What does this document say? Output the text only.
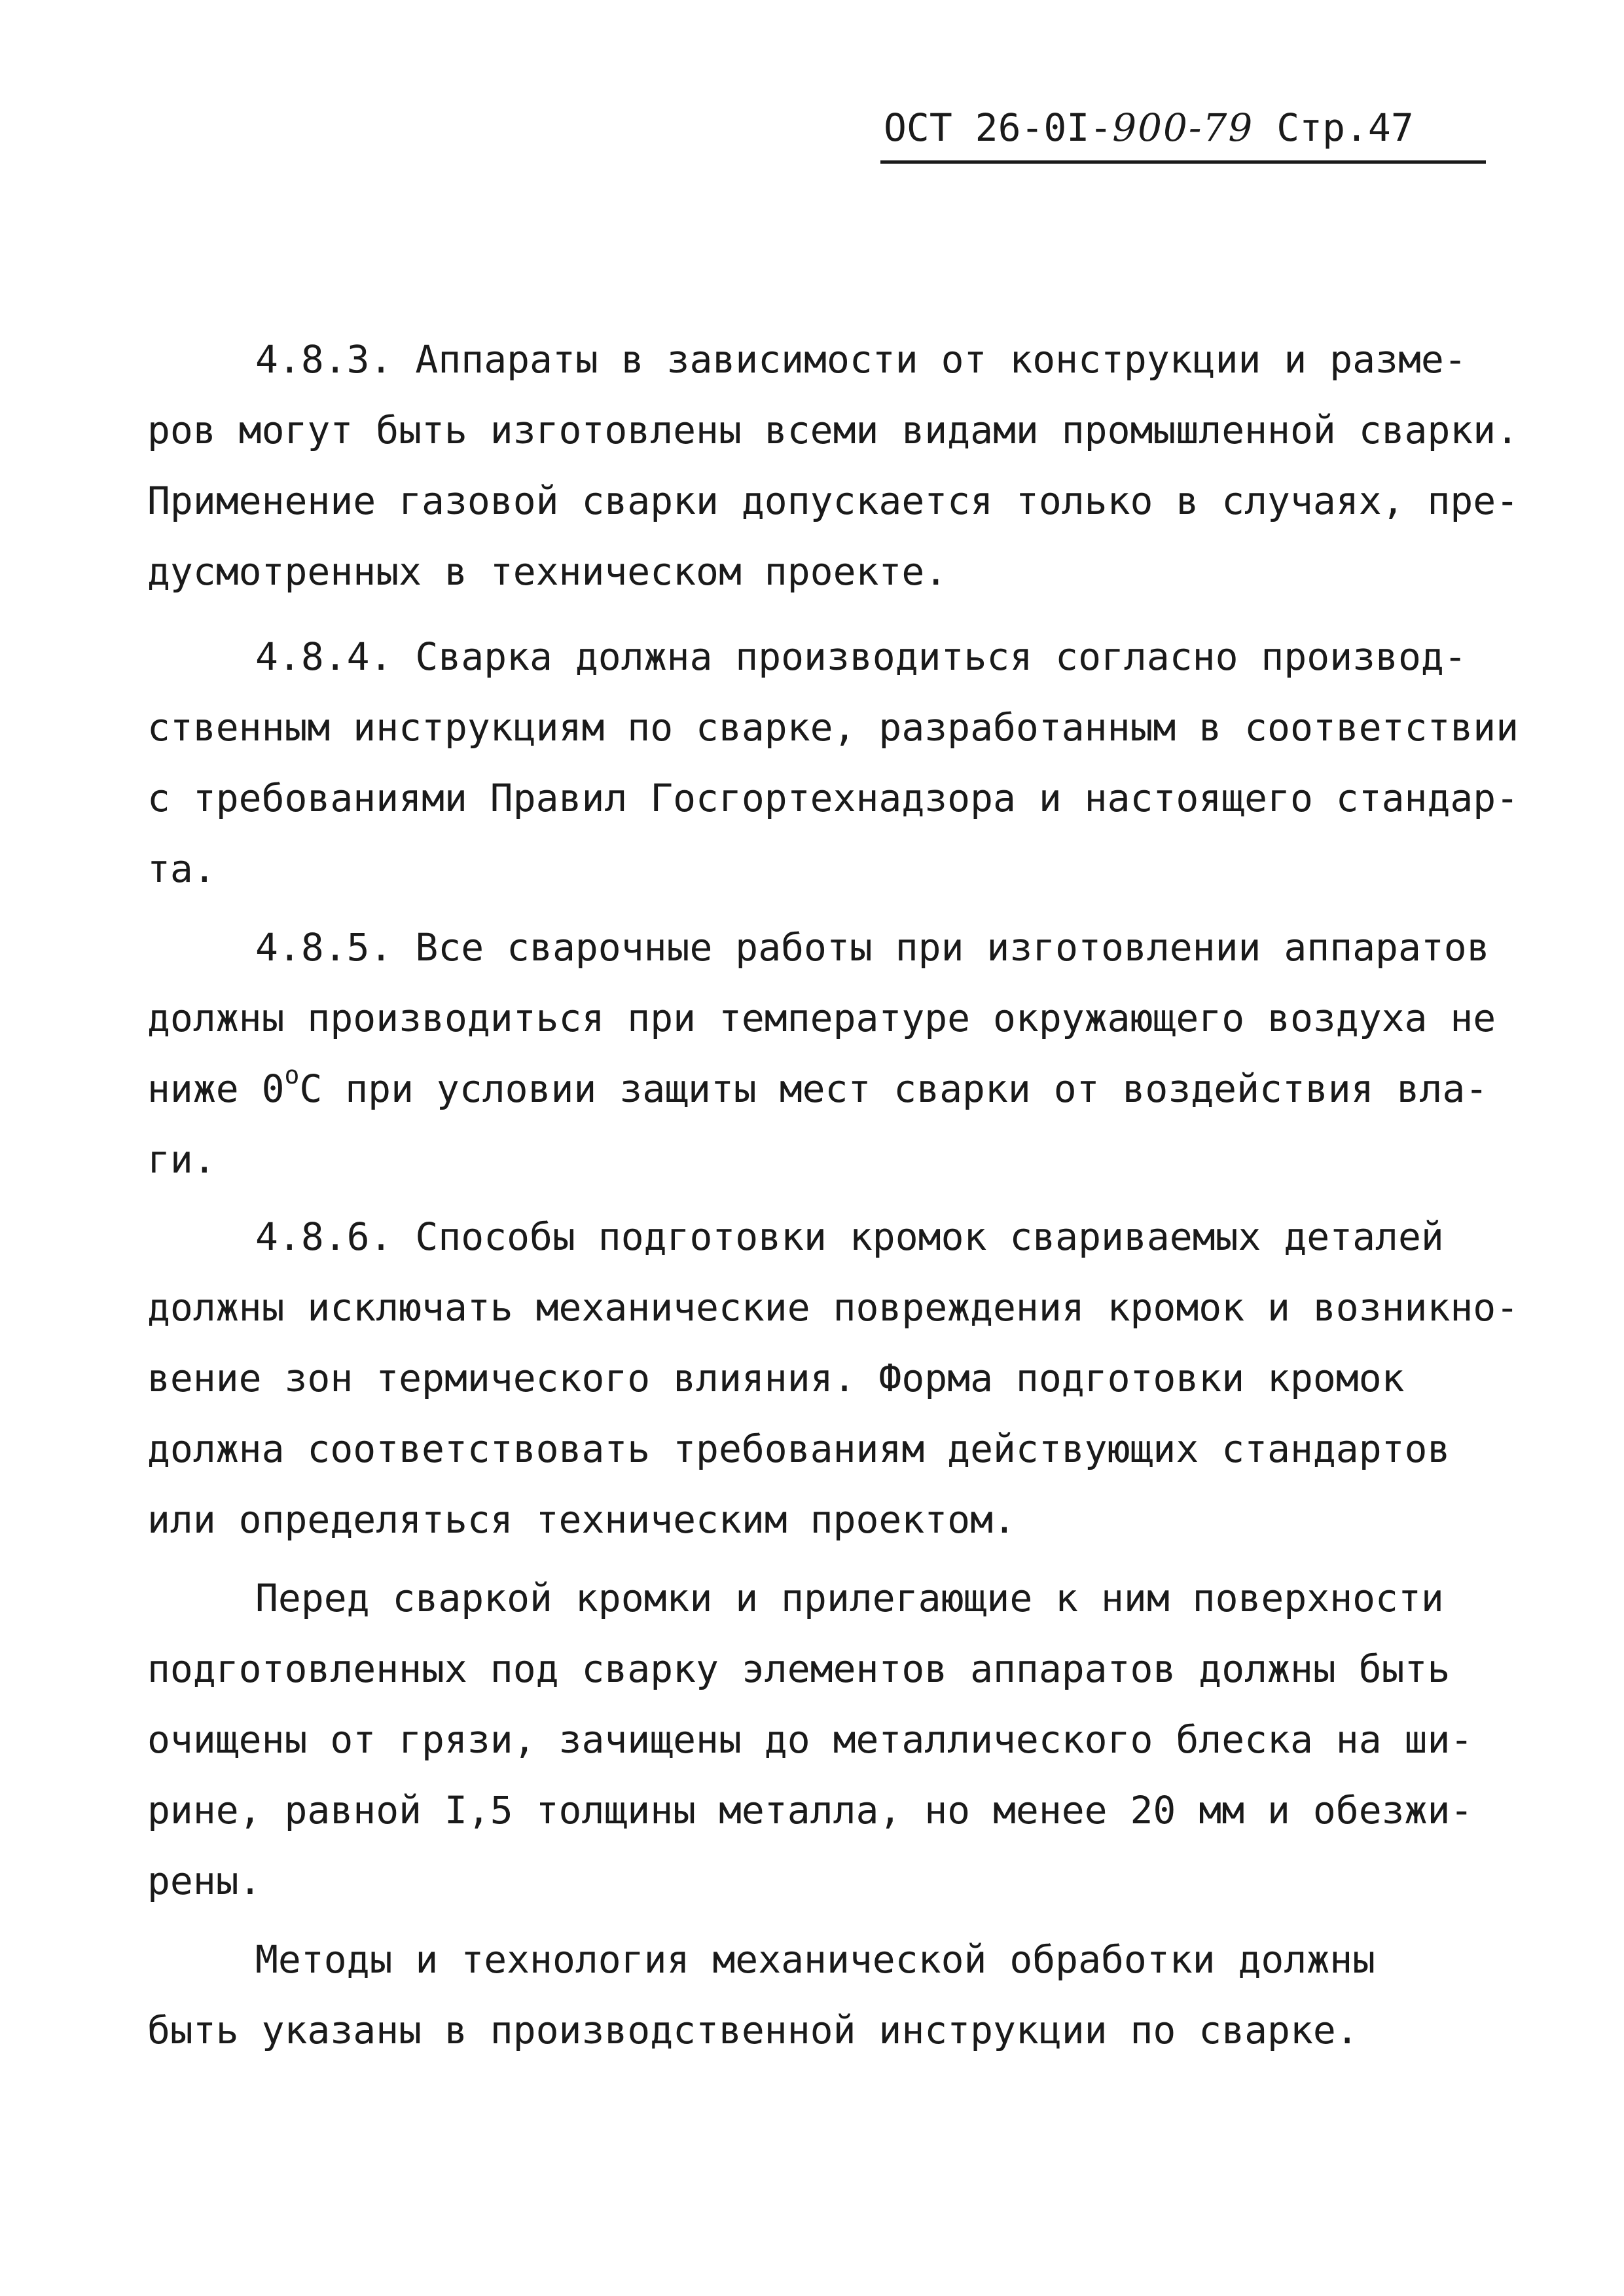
ОСТ 26-0I-900-79 Стр.47
4.8.3. Аппараты в зависимости от конструкции и разме-
ров могут быть изготовлены всеми видами промышленной сварки.
Применение газовой сварки допускается только в случаях, пре-
дусмотренных в техническом проекте.
4.8.4. Сварка должна производиться согласно производ-
ственным инструкциям по сварке, разработанным в соответствии
с требованиями Правил Госгортехнадзора и настоящего стандар-
та.
4.8.5. Все сварочные работы при изготовлении аппаратов
должны производиться при температуре окружающего воздуха не
ниже $0^оС$ при условии защиты мест сварки от воздействия вла-
ги.
4.8.6. Способы подготовки кромок свариваемых деталей
должны исключать механические повреждения кромок и возникно-
вение зон термического влияния. Форма подготовки кромок
должна соответствовать требованиям действующих стандартов
или определяться техническим проектом.
Перед сваркой кромки и прилегающие к ним поверхности
подготовленных под сварку элементов аппаратов должны быть
очищены от грязи, зачищены до металлического блеска на ши-
рине, равной I,5 толщины металла, но менее 20 мм и обезжи-
рены.
Методы и технология механической обработки должны
быть указаны в производственной инструкции по сварке.
